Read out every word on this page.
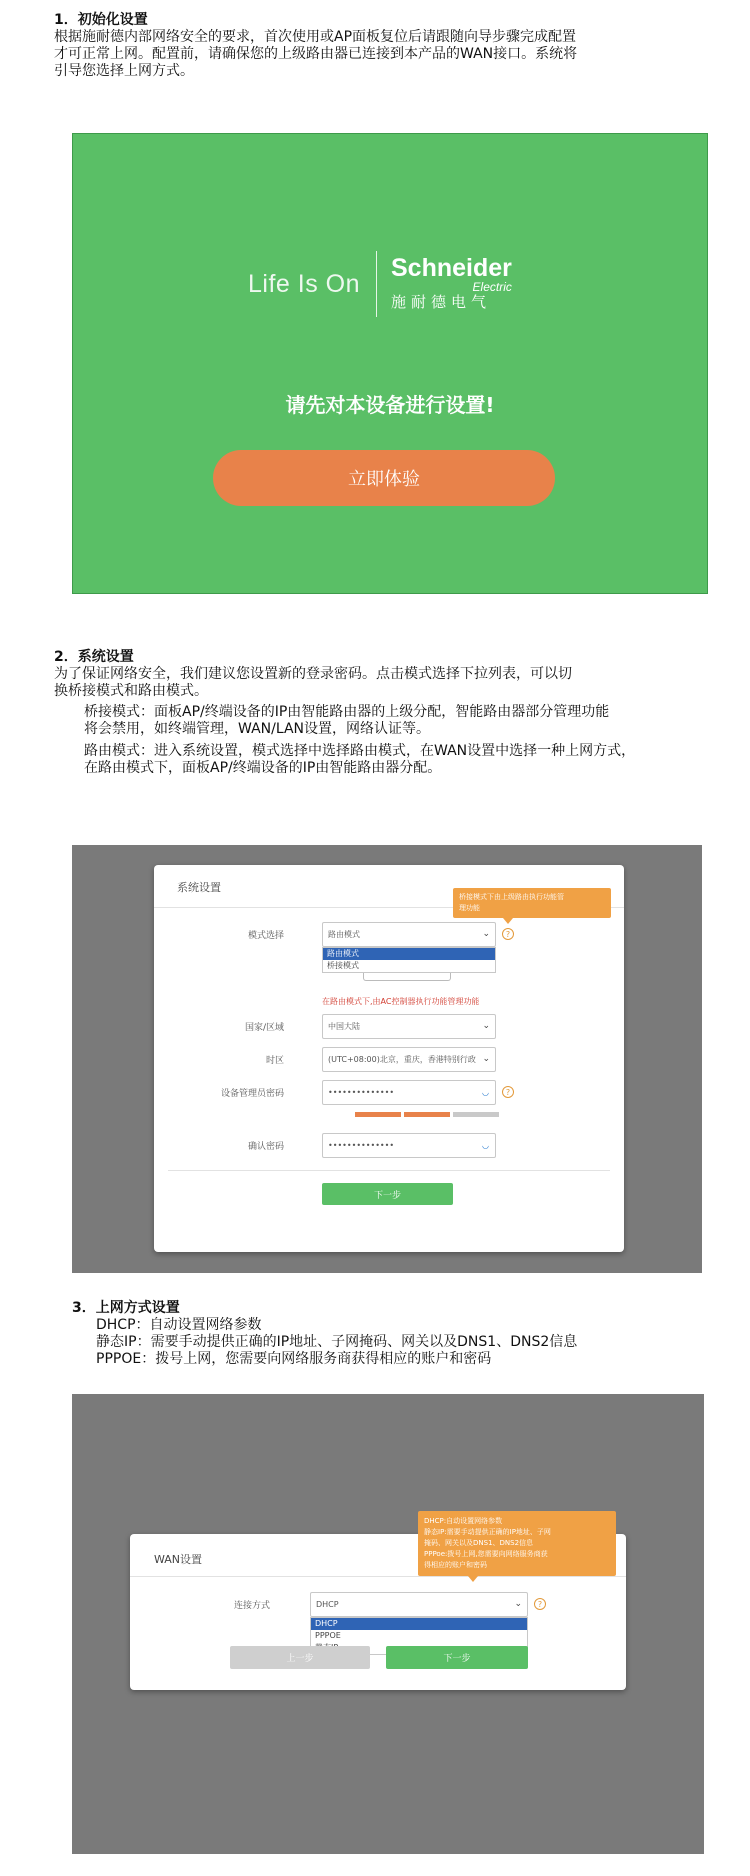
1．初始化设置

根据施耐德内部网络安全的要求，首次使用或AP面板复位后请跟随向导步骤完成配置

才可正常上网。配置前，请确保您的上级路由器已连接到本产品的WAN接口。系统将

引导您选择上网方式。

Life Is On
Schneider
Electric
施耐德电气
请先对本设备进行设置!
立即体验

2．系统设置

为了保证网络安全，我们建议您设置新的登录密码。点击模式选择下拉列表，可以切

换桥接模式和路由模式。

桥接模式：面板AP/终端设备的IP由智能路由器的上级分配，智能路由器部分管理功能

将会禁用，如终端管理，WAN/LAN设置，网络认证等。

路由模式：进入系统设置，模式选择中选择路由模式，在WAN设置中选择一种上网方式，

在路由模式下，面板AP/终端设备的IP由智能路由器分配。

系统设置
桥接模式下由上级路由执行功能管
理功能
模式选择	路由模式	⌄	?
路由模式
桥接模式
在路由模式下,由AC控制器执行功能管理功能
国家/区域	中国大陆	⌄
时区	(UTC+08:00)北京，重庆，香港特别行政 ⌄
设备管理员密码	••••••••••••••	◡	?
确认密码	••••••••••••••	◡
下一步

3．上网方式设置

DHCP：自动设置网络参数

静态IP：需要手动提供正确的IP地址、子网掩码、网关以及DNS1、DNS2信息

PPPOE：拨号上网，您需要向网络服务商获得相应的账户和密码

WAN设置
连接方式	DHCP	⌄	?
DHCP
PPPOE
上一步	下一步
DHCP:自动设置网络参数
静态IP:需要手动提供正确的IP地址、子网
掩码、网关以及DNS1、DNS2信息
PPPoe:拨号上网,您需要向网络服务商获
得相应的账户和密码
